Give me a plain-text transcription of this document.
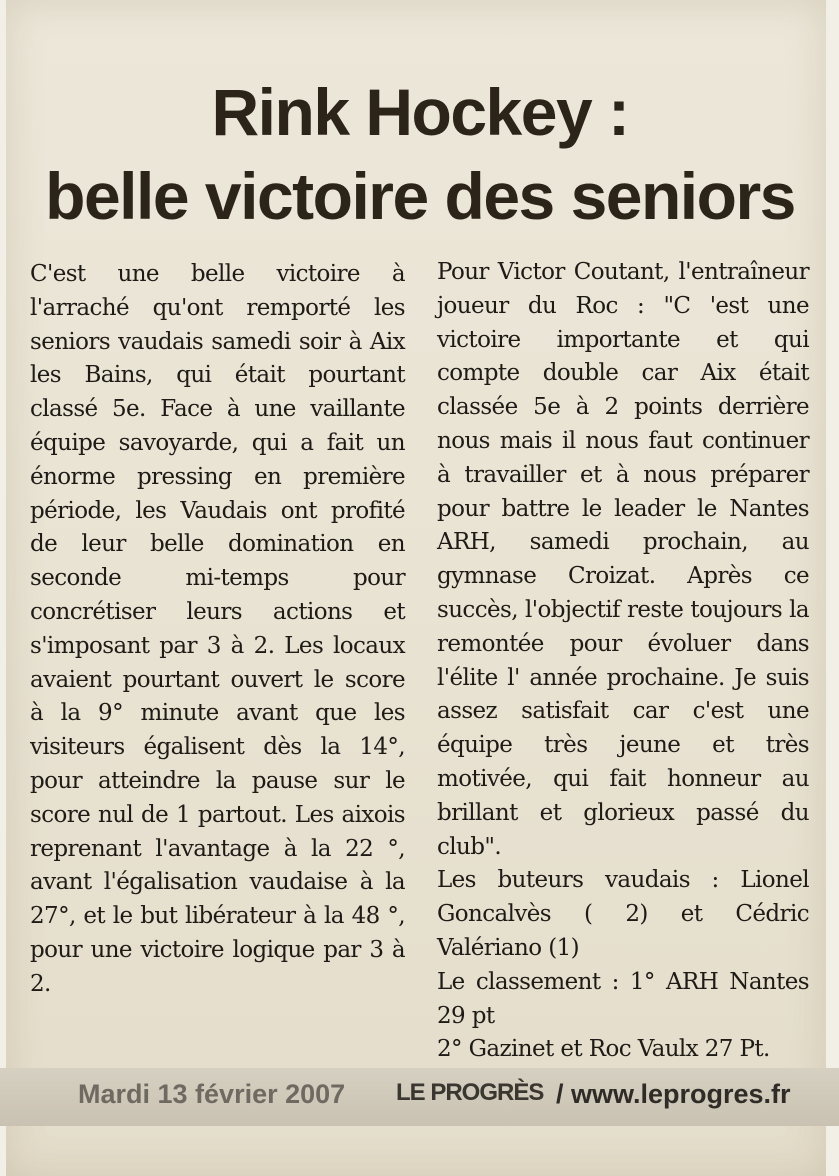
Rink Hockey :
belle victoire des seniors

C'est une belle victoire à l'arraché qu'ont remporté les seniors vaudais samedi soir à Aix les Bains, qui était pourtant classé 5e. Face à une vaillante équipe savoyarde, qui a fait un énorme pressing en première période, les Vaudais ont profité de leur belle domination en seconde mi-temps pour concrétiser leurs actions et s'imposant par 3 à 2. Les locaux avaient pourtant ouvert le score à la 9° minute avant que les visiteurs égalisent dès la 14°, pour atteindre la pause sur le score nul de 1 partout. Les aixois reprenant l'avantage à la 22 °, avant l'égalisation vaudaise à la 27°, et le but libérateur à la 48 °, pour une victoire logique par 3 à 2.

Pour Victor Coutant, l'entraîneur joueur du Roc : "C 'est une victoire importante et qui compte double car Aix était classée 5e à 2 points derrière nous mais il nous faut continuer à travailler et à nous préparer pour battre le leader le Nantes ARH, samedi prochain, au gymnase Croizat. Après ce succès, l'objectif reste toujours la remontée pour évoluer dans l'élite l' année prochaine. Je suis assez satisfait car c'est une équipe très jeune et très motivée, qui fait honneur au brillant et glorieux passé du club".

Les buteurs vaudais : Lionel Goncalvès ( 2) et Cédric Valériano (1)

Le classement : 1° ARH Nantes 29 pt

2° Gazinet et Roc Vaulx 27 Pt.

Mardi 13 février 2007 LE PROGRÈS / www.leprogres.fr
